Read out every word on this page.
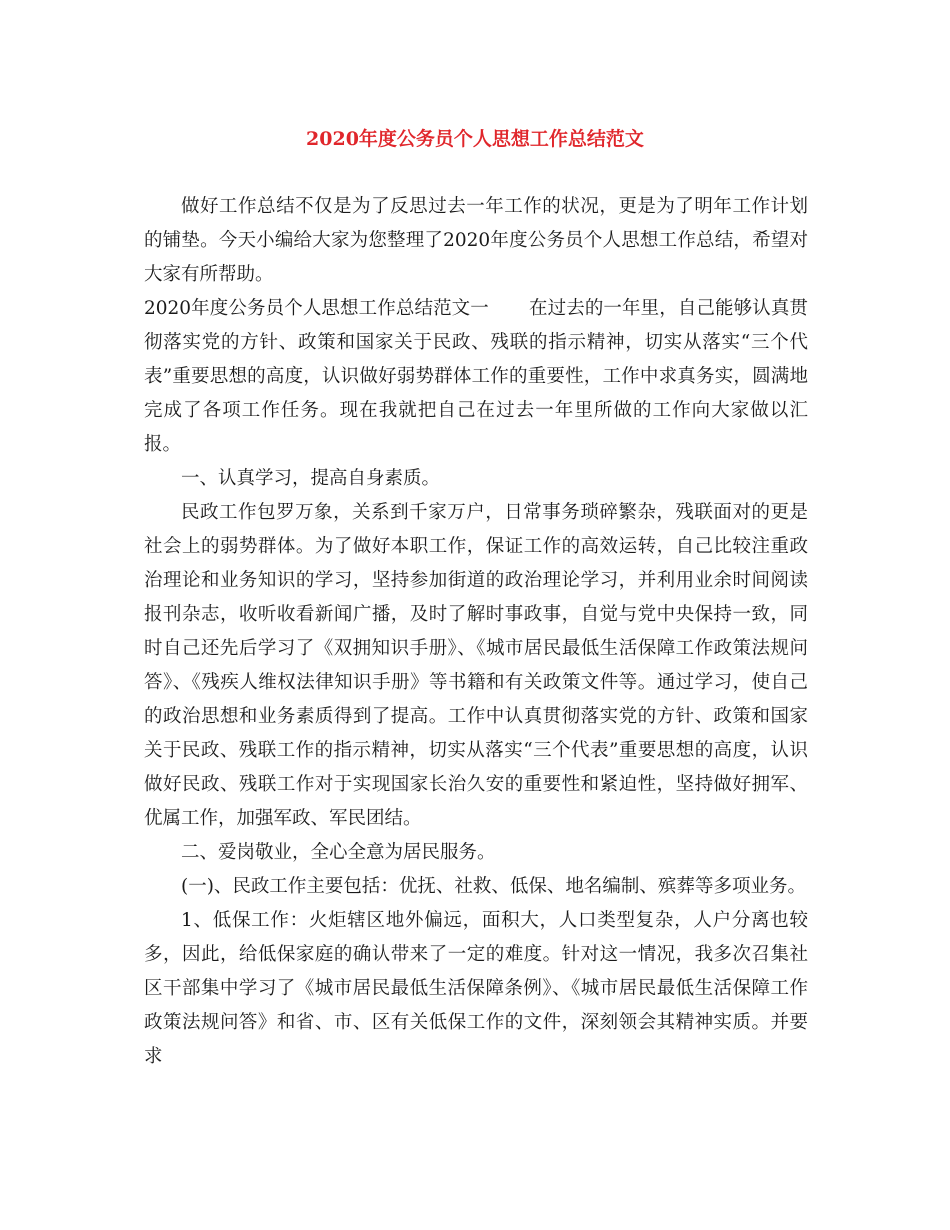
2020年度公务员个人思想工作总结范文

做好工作总结不仅是为了反思过去一年工作的状况，更是为了明年工作计划的铺垫。今天小编给大家为您整理了2020年度公务员个人思想工作总结，希望对大家有所帮助。

2020年度公务员个人思想工作总结范文一 在过去的一年里，自己能够认真贯彻落实党的方针、政策和国家关于民政、残联的指示精神，切实从落实“三个代表”重要思想的高度，认识做好弱势群体工作的重要性，工作中求真务实，圆满地完成了各项工作任务。现在我就把自己在过去一年里所做的工作向大家做以汇报。

一、认真学习，提高自身素质。

民政工作包罗万象，关系到千家万户，日常事务琐碎繁杂，残联面对的更是社会上的弱势群体。为了做好本职工作，保证工作的高效运转，自己比较注重政治理论和业务知识的学习，坚持参加街道的政治理论学习，并利用业余时间阅读报刊杂志，收听收看新闻广播，及时了解时事政事，自觉与党中央保持一致，同时自己还先后学习了《双拥知识手册》、《城市居民最低生活保障工作政策法规问答》、《残疾人维权法律知识手册》等书籍和有关政策文件等。通过学习，使自己的政治思想和业务素质得到了提高。工作中认真贯彻落实党的方针、政策和国家关于民政、残联工作的指示精神，切实从落实“三个代表”重要思想的高度，认识做好民政、残联工作对于实现国家长治久安的重要性和紧迫性，坚持做好拥军、优属工作，加强军政、军民团结。

二、爱岗敬业，全心全意为居民服务。

(一)、民政工作主要包括：优抚、社救、低保、地名编制、殡葬等多项业务。

1、低保工作：火炬辖区地外偏远，面积大，人口类型复杂，人户分离也较多，因此，给低保家庭的确认带来了一定的难度。针对这一情况，我多次召集社区干部集中学习了《城市居民最低生活保障条例》、《城市居民最低生活保障工作政策法规问答》和省、市、区有关低保工作的文件，深刻领会其精神实质。并要求
